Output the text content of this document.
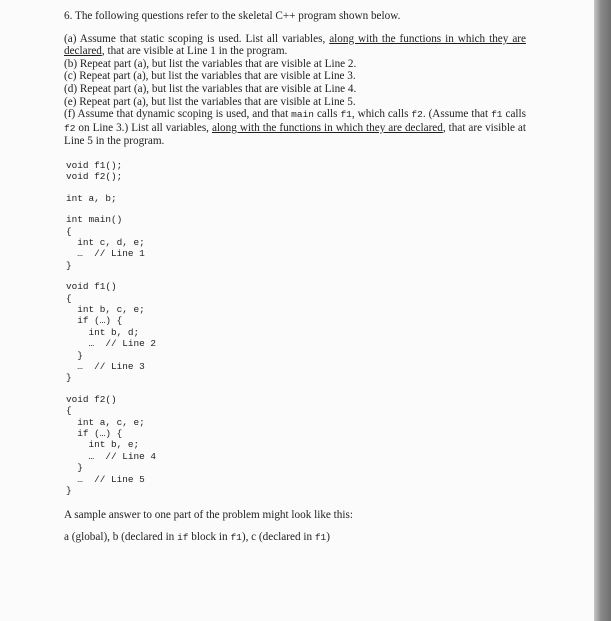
6. The following questions refer to the skeletal C++ program shown below.

(a) Assume that static scoping is used. List all variables, along with the functions in which they are declared, that are visible at Line 1 in the program.

(b) Repeat part (a), but list the variables that are visible at Line 2.

(c) Repeat part (a), but list the variables that are visible at Line 3.

(d) Repeat part (a), but list the variables that are visible at Line 4.

(e) Repeat part (a), but list the variables that are visible at Line 5.

(f) Assume that dynamic scoping is used, and that main calls f1, which calls f2. (Assume that f1 calls f2 on Line 3.) List all variables, along with the functions in which they are declared, that are visible at Line 5 in the program.

void f1();

void f2();

int a, b;

int main()

{

int c, d, e;

…  // Line 1

}

void f1()

{

int b, c, e;

if (…) {

int b, d;

…  // Line 2

}

…  // Line 3

}

void f2()

{

int a, c, e;

if (…) {

int b, e;

…  // Line 4

}

…  // Line 5

}

A sample answer to one part of the problem might look like this:

a (global), b (declared in if block in f1), c (declared in f1)
